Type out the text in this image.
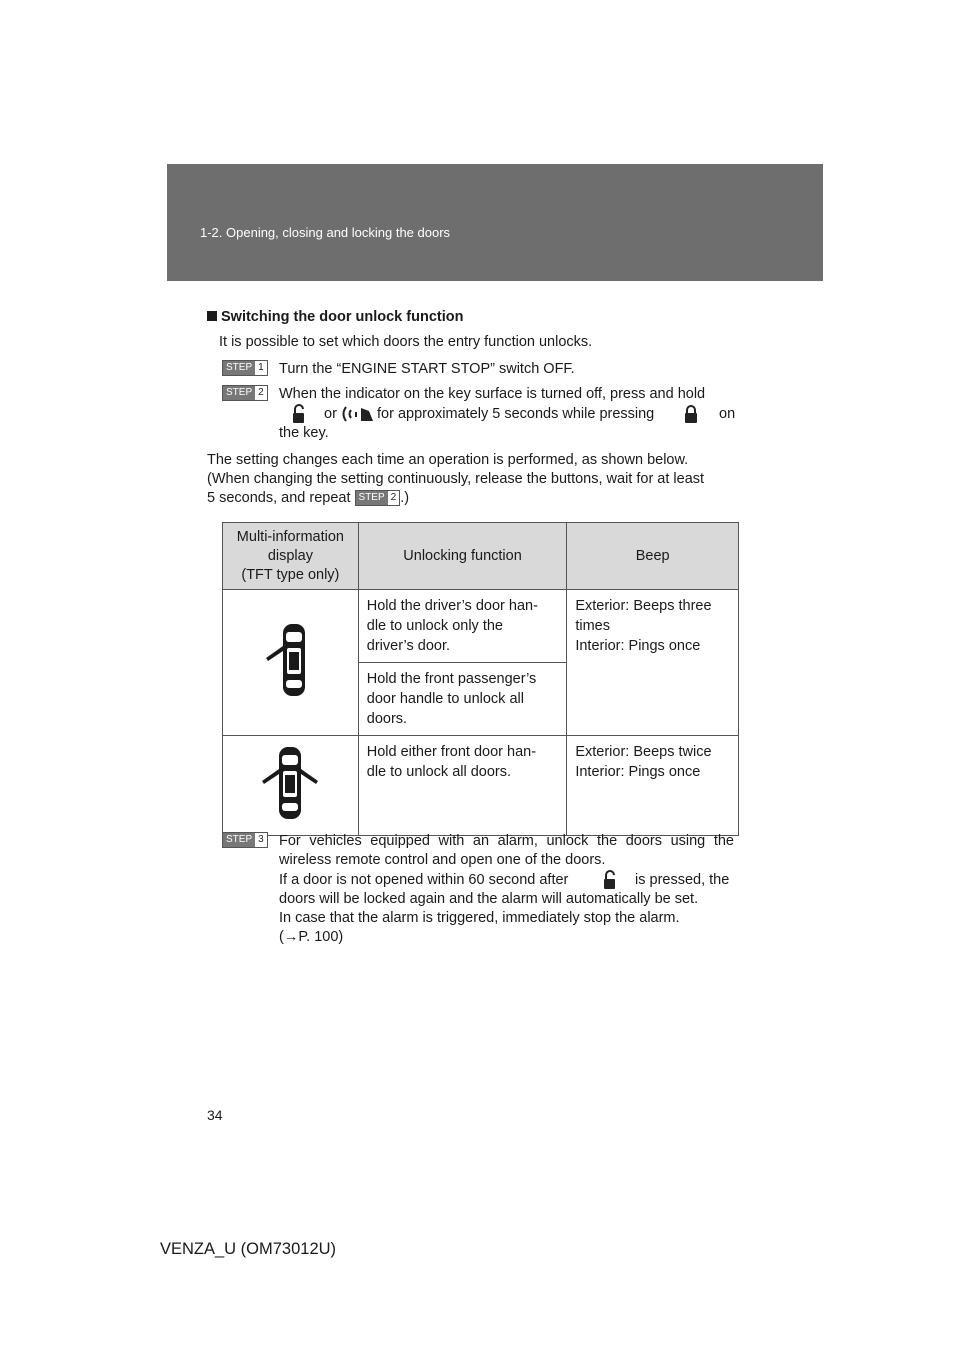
1-2. Opening, closing and locking the doors
Switching the door unlock function
It is possible to set which doors the entry function unlocks.
STEP 1 Turn the “ENGINE START STOP” switch OFF.
STEP 2 When the indicator on the key surface is turned off, press and hold
or	for approximately 5 seconds while pressing	on
the key.
The setting changes each time an operation is performed, as shown below.
(When changing the setting continuously, release the buttons, wait for at least
5 seconds, and repeat STEP 2 .)
Multi-information
display
(TFT type only)	Unlocking function	Beep
	Hold the driver’s door han-
dle to unlock only the
driver’s door.	Exterior: Beeps three
times
Interior: Pings once
	Hold the front passenger’s
door handle to unlock all
doors.	
	Hold either front door han-
dle to unlock all doors.	Exterior: Beeps twice
Interior: Pings once
STEP 3 For vehicles equipped with an alarm, unlock the doors using the
wireless remote control and open one of the doors.
If a door is not opened within 60 second after	is pressed, the
doors will be locked again and the alarm will automatically be set.
In case that the alarm is triggered, immediately stop the alarm.
(→P. 100)
34
VENZA_U (OM73012U)
